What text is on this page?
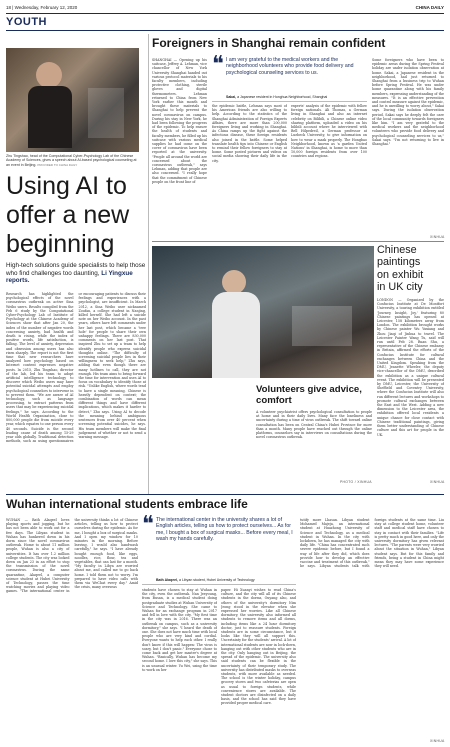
18 | Wednesday, February 12, 2020	CHINA DAILY
YOUTH
Zhu Tingshao, head of the Computational Cyber-Psychology Lab of the Chinese Academy of Sciences, gives a speech about AI-based psychological counseling at an event in Beijing. PROVIDED TO CHINA DAILY
Using AI to
offer a new
beginning
High-tech solutions guide specialists to help those who find challenges too daunting, Li Yingxue reports.
Research has highlighted the psychological effects of the novel coronavirus outbreak on active Sina Weibo users. Results compiled from the Feb 6 study by the Computational Cyber-Psychology Lab of Institute of Psychology at the Chinese Academy of Sciences show that after Jan 20, the index of the number of negative words concerning anxiety, bad health and death is rising, while the index of positive words, life satisfaction, is falling. The level of anxiety, depression and obsession among users has also risen sharply. The report is not the first time that new researchers have analyzed how psychology based on Internet content expresses negative posts. In 2015, Zhu Tingshao, director of the lab, led his team to adopt artificial intelligence technology to discover which Weibo users may have potential suicidal attempts and employ psychological counselors to intervene in to prevent them. "We are aware of AI technology, such as language processing, to extract patterns from users that may be experiencing suicidal feelings," he says. According to the World Health Organization, close to 800,000 people die from suicide every year, which equates to one person every 40 seconds. Suicide is the second leading cause of death among 15-29 year olds globally. Traditional detection methods, such as using questionnaires or encouraging patients to discuss their feelings and experiences with a psychologist, are insufficient. In March 2012, a Sina Weibo user nicknamed Zoufan, a college student in Nanjing, killed herself. She had left a suicide note on her Weibo account. In the past years, others have left comments under her last post, which became a 'tree hole' for people to share their own unhappy feelings. There are 830,000 comments on her last post. That inspired Zhu to set up a team to help identify people who express suicidal thoughts online. "The difficulty of screening suicidal people lies in their willingness to seek help," Zhu says, adding that even though there are many hotlines to call, they are not enough. His team aims to bring forward the time for intervention and uses AI to focus on vocabulary to identify those at risk. "Unlike English, where words tend to have a single meaning, Chinese is heavily dependent on context; the combination of words can mean different things and have different implications, which makes it harder to detect," Zhu says. Using AI to decode the meaning behind ambiguous sentences from over 40 percent when screening potential suicides, he says. His team members will make the final judgement of whether or not to send a warning message.
Foreigners in Shanghai remain confident
SHANGHAI — Opening up his suitcase, Jeffrey A. Lehman, vice chancellor of New York University Shanghai handed out various protocol materials to his faculty members, including protective clothing, sterile gloves and digital thermometers. Lehman returned to China from New York earlier this month and brought these materials to Shanghai to help prevent the novel coronavirus on campus. During his stay in New York, he had been following the progress of the epidemic. To help ensure the health of students and faculty members, he filled up his suitcase with various medical supplies he had come on the cover of coronavirus have been reported at the university. "People all around the world are concerned about the coronavirus outbreak," says Lehman, adding that people are also concerned. "I really hope that the commitment of Chinese people on the front line of
❝ I am very grateful to the medical workers and the neighborhood volunteers who provide food delivery and psychological counseling services to us.
Sakai, a Japanese resident in Honghua Neighborhood, Shanghai
the epidemic battle, Lehman says most of his American friends are also willing to help. According to the statistics of the Shanghai Administration of Foreign Experts Affairs, there are more than 200,000 foreigners living and working in Shanghai. As China ramps up the fight against the infectious disease, these foreign residents also joined in the battle. Some helped translate health tips into Chinese or English to remind their fellow foreigners to stay at home. Some posted pictures and videos on social media showing their daily life in the city.
experts' analysis of the epidemic with fellow foreign nationals. Ali Thomas, a German living in Shanghai and also an internet celebrity on Bilibili, a Chinese online video sharing platform, uploaded a video on his bilibili account where he interviewed with Bell Hilpedreil, a German professor at Luebeck University, to give information on how to wear a mask properly. The Hongbao Neighborhood, known as 'a garden United Nations' in Shanghai, is home to more than 10,000 foreign residents from over 100 countries and regions.
Some foreigners who have been to epidemic areas during the Spring Festival holiday are under isolation observation at home. Sakai, a Japanese resident in the neighborhood, had just returned to Shanghai from a business trip to Wuhan before Spring Festival. He was under home quarantine along with his family members, expressing understanding of the measures. "It is an effective prevention and control measure against the epidemic, and he is unwilling to worry about," Sakai says. During the isolation observation period, Sakai says he deeply felt the care of the local community towards foreigners like him. "I am very grateful to the medical workers and the neighborhood volunteers who provide food delivery and psychological counseling services to us," Sakai says. "I'm not returning to live in Shanghai."
XINHUA
Chinese
paintings
on exhibit
in UK city
LONDON — Organized by the Confucius Institute at De Montfort University, a touring exhibition entitled 'Journey, Insight, Joy,' featuring 80 Chinese paintings has opened at Leicester, 158 kilometers away from London. The exhibition brought works by Chinese painter Wu Yuxiang and Zhou Jiaqi of Jinhua to travel. The Leicester Painter Wang Tu, said will run until Feb 28. Ruan Shu, a representative of the Chinese embassy in Britain, affirmed the efforts of the Confucius Institute for cultural exchanges between China and the United Kingdom. Speaking from the DMU, Jeanette Wheeler, the deputy vice-chancellor of the DMU, described the exhibition as a unique cultural event. The exhibition will be presented by DMU, Leicester, the University of Sheffield and Coventry University, where the Confucius Institute will also run different lectures and workshops to promote cultural exchanges between the East and the West. Adding a new dimension to the Leicester area, the exhibition offered local residents a unique chance for close contact with Chinese traditional paintings, giving them better understanding of Chinese culture and this art for people in the UK.
XINHUA
Volunteers give advice, comfort
A volunteer psychiatrist offers psychological consultation to people at home and in their daily lives. Many face the loneliness and uncertainty during a time of virus outbreak. The shift toward online consultation has been on Central China's Hubei Province for more than a month. Many people have reached out through the online platforms, counselors say in interviews on consultations during the novel coronavirus outbreak.
PHOTO / XINHUA
Wuhan international students embrace life
WUHAN — Bath Alaqeel loves playing sports and jogging, but he has not been able to work out for a few days. The Libyan student in Wuhan has hunkered down in his dorm since the novel coronavirus outbreak. Home to about 11 million people, Wuhan is also a city of universities. It has over 1.2 million college students. The city was locked down on Jan 23 in an effort to stop the transmission of the novel coronavirus. During the same quarantine, Alaqeel, a computer science student at Hubei University of Technology, passes the time watching movies and playing video games. "The international center in the university thinks a lot of Chinese articles, telling us how to protect ourselves during the epidemic. As for me, I bought a box of surgical masks. And I open my window for 10 minutes in the morning. Before leaving, I would also handwash carefully," he says. "I have already bought enough food, like eggs, noodles, rice, flour, tea and vegetables, that can last for a month. "My faculty in Libya are worried about me, and called me to go back home. I told them not to worry. I'm prepared to have video calls with them via WeChat every day." Amid the crisis, many overseas
❝ The international center in the university shares a lot of English articles, telling us how to protect ourselves... As for me, I bought a box of surgical masks... Before every meal, I wash my hands carefully.
Bath Alaqeel, a Libyan student, Hubei University of Technology
students have chosen to stay at Wuhan in the city, even the outbreak. Nan Jeeyoung, from Busan, is a medical student doing postgraduate studies at Wuhan University of Science and Technology. She came to Wuhan for an exchange program in 2017 and fell in love with the city. "My first time in the city was in 2016. There was an outbreak on campus, such as a university dormitory," she says. "I heard the death of one. She does not have much time with local people who are very kind and cordial. Everyone wants to help each other. I really don't know if this will happen: The virus is scary, but I don't panic." Everyone chose to come back and get her master's degree at Wuhan. "Basically, Wuhan has become my second home. I love this city," she says. This is an unusual winter. Yu Wei, using the time to work on her
paper. Hi Xuanyi wishes to read China's culture, and the city will all of its Chinese students in the dorms, Ouyang also, and others of the university's dormitory Nim Jeong stood in the elevator when she expressed her worries. Like all Chinese dormitory, the university also informed all students to remove items and all dorms, including items like a 24 hour dormitory doctor, just to reassure students. Foreign students are in some circumstance, but it looks like they will all support this. Uncertainty for the students' arrival. A lot of international students are now in lock-down, hanging out with other students who are in the city. Only hanging out in Beijing, the spread of the epidemic. The university also said students can be flexible in the uncertainty of their temporary study. The university has distributed masks to overseas students, with more available as needed. The school is the winter holiday, campus grocery stores and two cafeterias are open as usual to foreign students, while convenience stores are available. The student doctors are disinfected on a daily basis, and the school has said they have provided proper medical care.
tutify more Lhasan. Libyan student Mohamed Majeja, an international student at Huazhong University of Science and Technology, as a medical student in Wuhan. In the city with lockdown, he has managed the city with daily life. "China has concentrated such severe epidemic before, but I found a way of life after they did, which does provide how to develop an effective vaccine and treatment of this outbreak," he says. Libyan students talk with foreign students at the same time. Liu stay at college student home, volunteer staff and medical staff have chosen to stay in contact with their families. "Life is pretty much in good here, and only the university dormitory has given relevant lectures. "The parents were very worried about the situation in Wuhan," Libyan student says. But for this family and friends, being a student in China might mean they may have some experience they will need.
XINHUA
